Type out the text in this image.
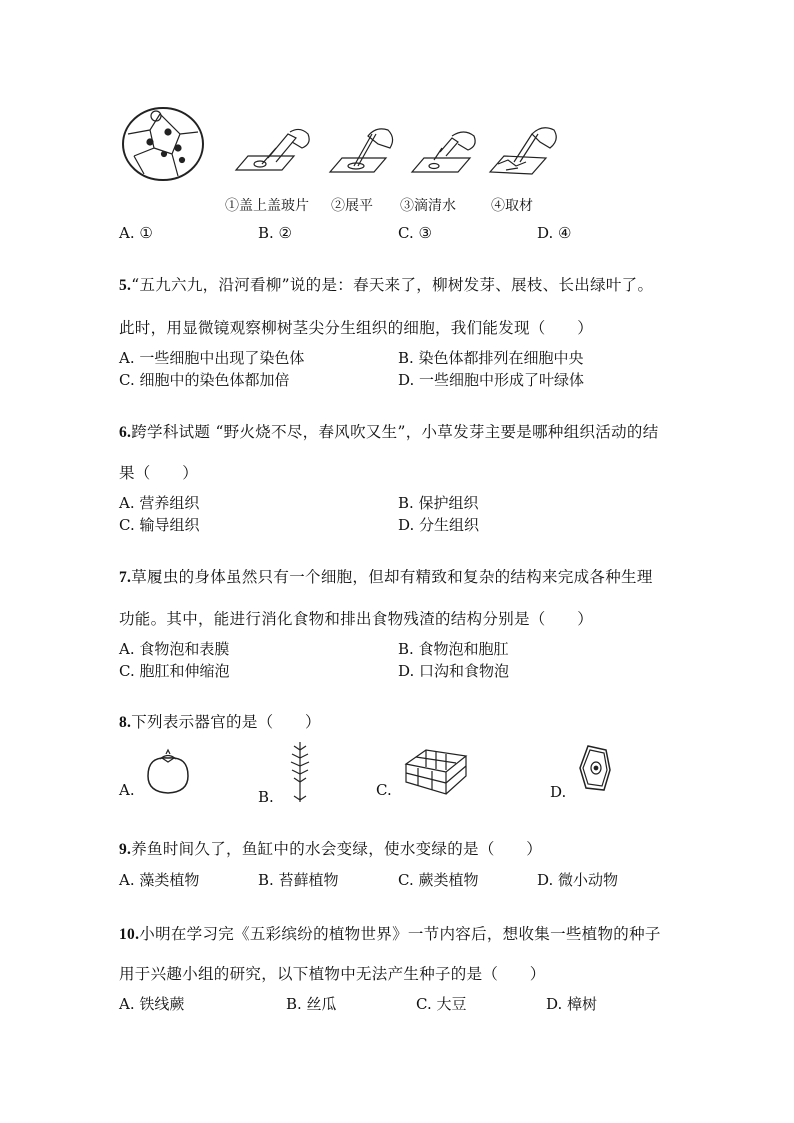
①盖上盖玻片 ②展平 ③滴清水	④取材
A. ①	B. ②	C. ③	D. ④
5.“五九六九，沿河看柳”说的是：春天来了，柳树发芽、展枝、长出绿叶了。
此时，用显微镜观察柳树茎尖分生组织的细胞，我们能发现（　　）
A. 一些细胞中出现了染色体	B. 染色体都排列在细胞中央
C. 细胞中的染色体都加倍	D. 一些细胞中形成了叶绿体
6.跨学科试题 “野火烧不尽，春风吹又生”，小草发芽主要是哪种组织活动的结
果（　　）
A. 营养组织	B. 保护组织
C. 输导组织	D. 分生组织
7.草履虫的身体虽然只有一个细胞，但却有精致和复杂的结构来完成各种生理
功能。其中，能进行消化食物和排出食物残渣的结构分别是（　　）
A. 食物泡和表膜	B. 食物泡和胞肛
C. 胞肛和伸缩泡	D. 口沟和食物泡
8.下列表示器官的是（　　）
A.	B.	C.	D.
9.养鱼时间久了，鱼缸中的水会变绿，使水变绿的是（　　）
A. 藻类植物	B. 苔藓植物	C. 蕨类植物	D. 微小动物
10.小明在学习完《五彩缤纷的植物世界》一节内容后，想收集一些植物的种子
用于兴趣小组的研究，以下植物中无法产生种子的是（　　）
A. 铁线蕨	B. 丝瓜	C. 大豆	D. 樟树
